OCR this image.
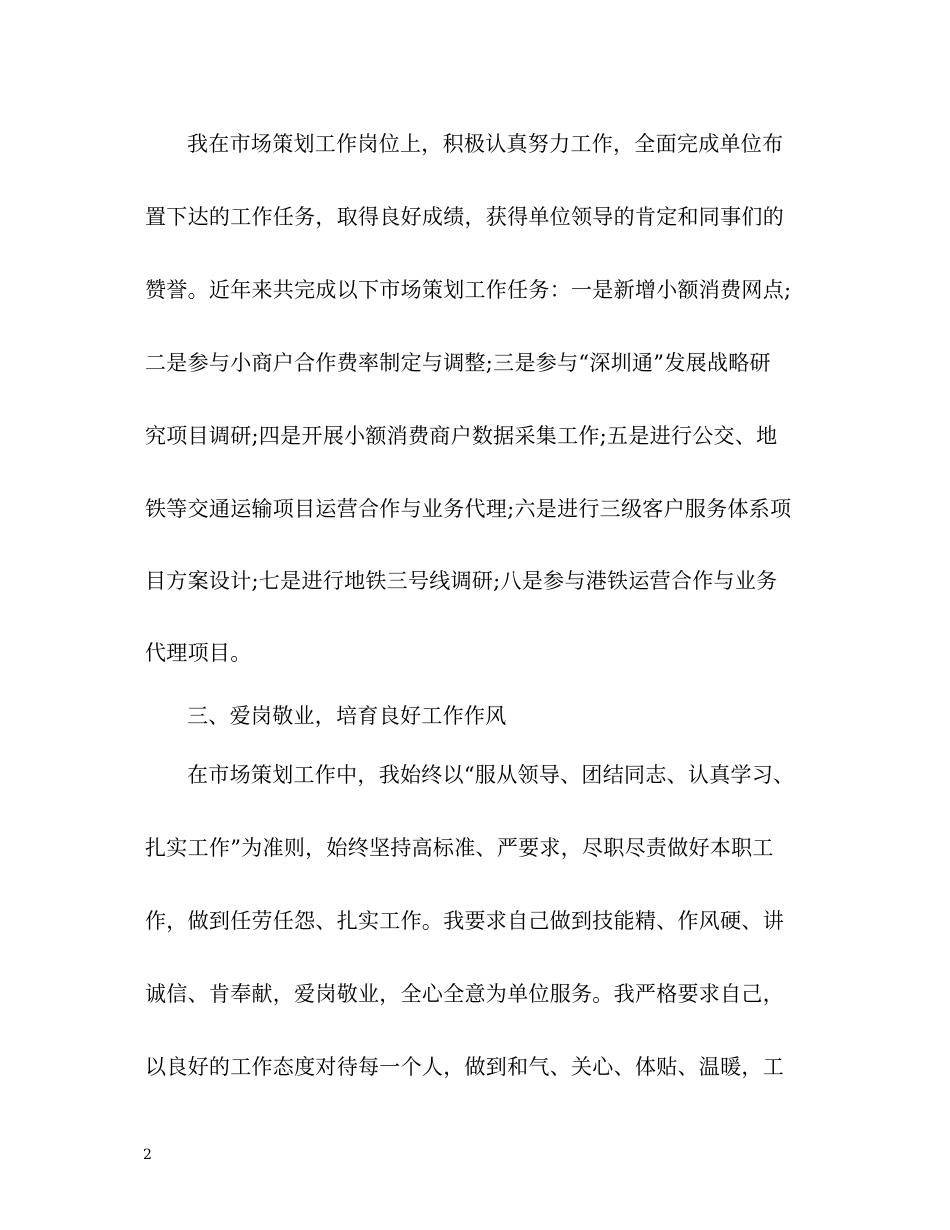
我在市场策划工作岗位上，积极认真努力工作，全面完成单位布
置下达的工作任务，取得良好成绩，获得单位领导的肯定和同事们的
赞誉。近年来共完成以下市场策划工作任务：一是新增小额消费网点;
二是参与小商户合作费率制定与调整;三是参与“深圳通”发展战略研
究项目调研;四是开展小额消费商户数据采集工作;五是进行公交、地
铁等交通运输项目运营合作与业务代理;六是进行三级客户服务体系项
目方案设计;七是进行地铁三号线调研;八是参与港铁运营合作与业务
代理项目。
三、爱岗敬业，培育良好工作作风
在市场策划工作中，我始终以“服从领导、团结同志、认真学习、
扎实工作”为准则，始终坚持高标准、严要求，尽职尽责做好本职工
作，做到任劳任怨、扎实工作。我要求自己做到技能精、作风硬、讲
诚信、肯奉献，爱岗敬业，全心全意为单位服务。我严格要求自己，
以良好的工作态度对待每一个人，做到和气、关心、体贴、温暖，工
2
